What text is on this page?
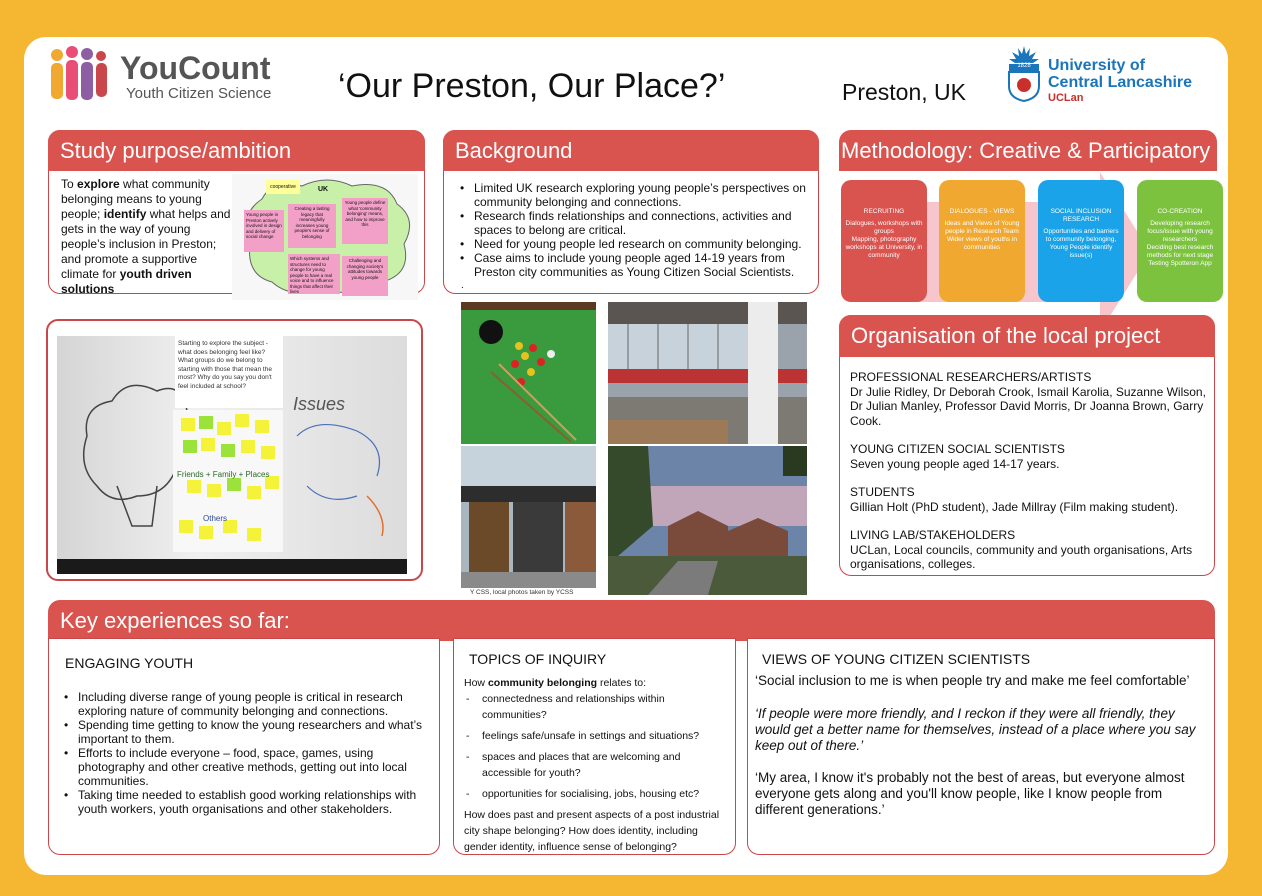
YouCount
Youth Citizen Science ‘Our Preston, Our Place?’	Preston, UK
1828	University of
Central Lancashire
UCLan
Study purpose/ambition
To explore what community belonging means to young people; identify what helps and gets in the way of young people’s inclusion in Preston; and promote a supportive climate for youth driven solutions
cooperative	UK
Young people in Preston actively involved in design and delivery of social change
Creating a lasting legacy that meaningfully increases young people's sense of belonging
Young people define what 'community belonging' means, and how to improve this
Which systems and structures need to change for young people to have a real voice and to influence things that affect their lives
Challenging and changing society's attitudes towards young people
Starting to explore the subject - what does belonging feel like? What groups do we belong to starting with those that mean the most? Why do you say you don't feel included at school?
Friends + Family + Places
Others
Issues
Background
• Limited UK research exploring young people’s perspectives on community belonging and connections.
• Research finds relationships and connections, activities and spaces to belong are critical.
• Need for young people led research on community belonging.
• Case aims to include young people aged 14-19 years from Preston city communities as Young Citizen Social Scientists.
.
Y CSS, local photos taken by YCSS
Methodology: Creative & Participatory
RECRUITING
Dialogues, workshops with groups
Mapping, photography workshops at University, in community
DIALOGUES - VIEWS
Ideas and Views of Young people in Research Team
Wider views of youths in communities
SOCIAL INCLUSION RESEARCH
Opportunities and barriers to community belonging,
Young People identify issue(s)
CO-CREATION
Developing research focus/issue with young researchers
Deciding best research methods for next stage
Testing Spotteron App
Organisation of the local project
PROFESSIONAL RESEARCHERS/ARTISTS
Dr Julie Ridley, Dr Deborah Crook, Ismail Karolia, Suzanne Wilson, Dr Julian Manley, Professor David Morris, Dr Joanna Brown, Garry Cook.
YOUNG CITIZEN SOCIAL SCIENTISTS
Seven young people aged 14-17 years.
STUDENTS
Gillian Holt (PhD student), Jade Millray (Film making student).
LIVING LAB/STAKEHOLDERS
UCLan, Local councils, community and youth organisations, Arts organisations, colleges.
Key experiences so far:
ENGAGING YOUTH
• Including diverse range of young people is critical in research exploring nature of community belonging and connections.
• Spending time getting to know the young researchers and what’s important to them.
• Efforts to include everyone – food, space, games, using photography and other creative methods, getting out into local communities.
• Taking time needed to establish good working relationships with youth workers, youth organisations and other stakeholders.
TOPICS OF INQUIRY
How community belonging relates to:
- connectedness and relationships within communities?
- feelings safe/unsafe in settings and situations?
- spaces and places that are welcoming and accessible for youth?
- opportunities for socialising, jobs, housing etc?
How does past and present aspects of a post industrial city shape belonging? How does identity, including gender identity, influence sense of belonging?
VIEWS OF YOUNG CITIZEN SCIENTISTS
‘Social inclusion to me is when people try and make me feel comfortable’
‘If people were more friendly, and I reckon if they were all friendly, they would get a better name for themselves, instead of a place where you say keep out of there.’
‘My area, I know it's probably not the best of areas, but everyone almost everyone gets along and you'll know people, like I know people from different generations.’
